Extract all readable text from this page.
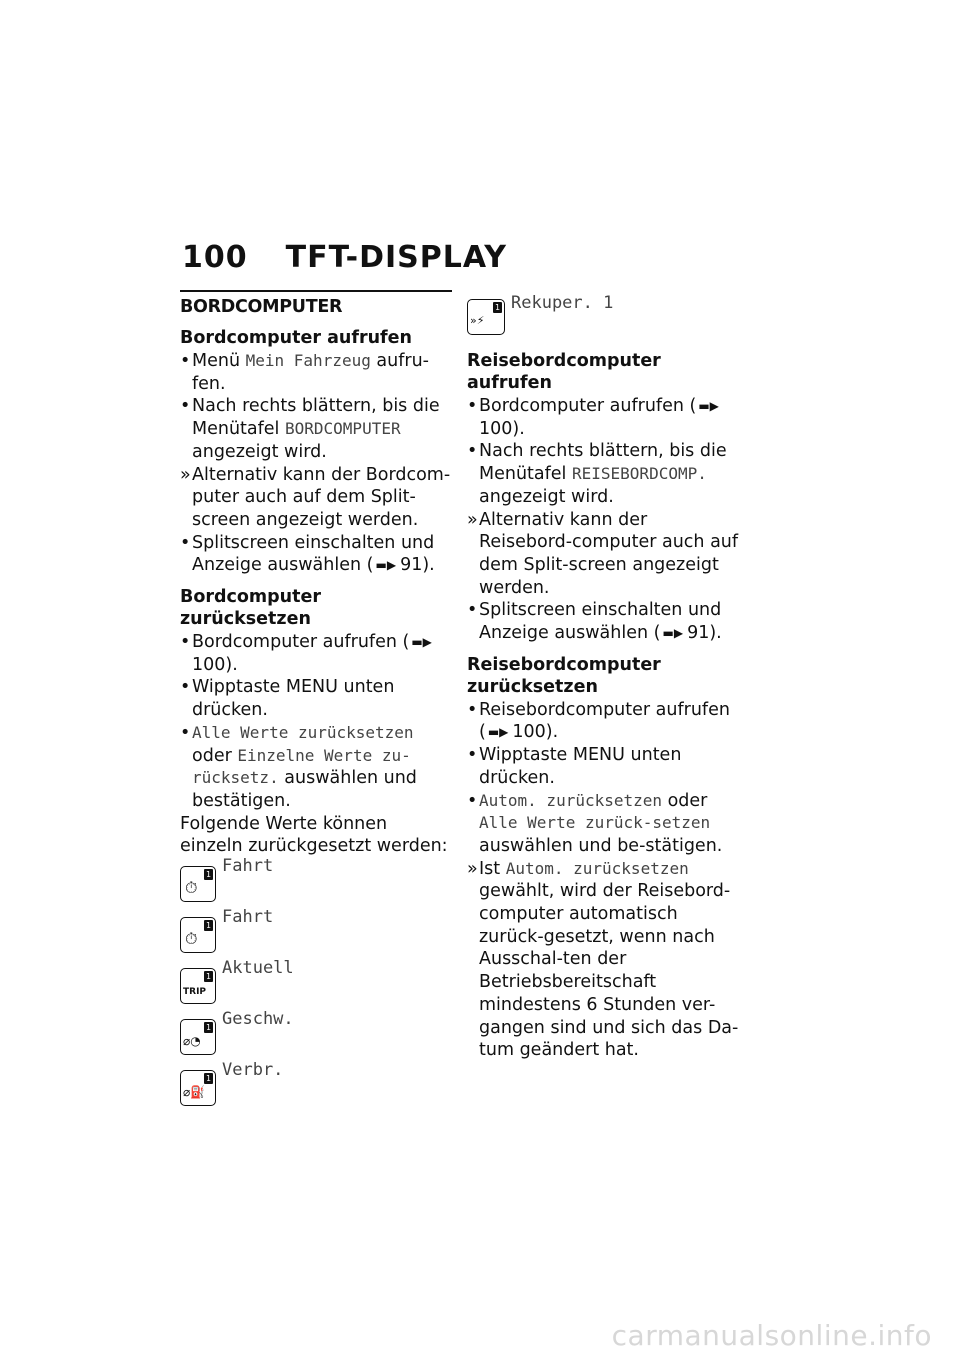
100 TFT-DISPLAY
BORDCOMPUTER
Bordcomputer aufrufen
• Menü Mein Fahrzeug aufru-fen.
• Nach rechts blättern, bis die Menütafel BORDCOMPUTER angezeigt wird.
» Alternativ kann der Bordcom-puter auch auf dem Split-screen angezeigt werden.
• Splitscreen einschalten und Anzeige auswählen ( ▬▶ 91).
Bordcomputer zurücksetzen
• Bordcomputer aufrufen ( ▬▶100).
• Wipptaste MENU unten drücken.
• Alle Werte zurücksetzen oder Einzelne Werte zu-rücksetz. auswählen und bestätigen.
Folgende Werte können einzeln zurückgesetzt werden:
⏱
1 Fahrt
⏱
1 Fahrt
TRIP
1 Aktuell
⌀◔
1 Geschw.
⌀⛽
1 Verbr.
»⚡
1 Rekuper. 1
Reisebordcomputer aufrufen
• Bordcomputer aufrufen ( ▬▶100).
• Nach rechts blättern, bis die Menütafel REISEBORDCOMP. angezeigt wird.
» Alternativ kann der Reisebord-computer auch auf dem Split-screen angezeigt werden.
• Splitscreen einschalten und Anzeige auswählen ( ▬▶ 91).
Reisebordcomputer zurücksetzen
• Reisebordcomputer aufrufen ( ▬▶ 100).
• Wipptaste MENU unten drücken.
• Autom. zurücksetzen oder Alle Werte zurück-setzen auswählen und be-stätigen.
» Ist Autom. zurücksetzen gewählt, wird der Reisebord-computer automatisch zurück-gesetzt, wenn nach Ausschal-ten der Betriebsbereitschaft mindestens 6 Stunden ver-gangen sind und sich das Da-tum geändert hat.
carmanualsonline.info
